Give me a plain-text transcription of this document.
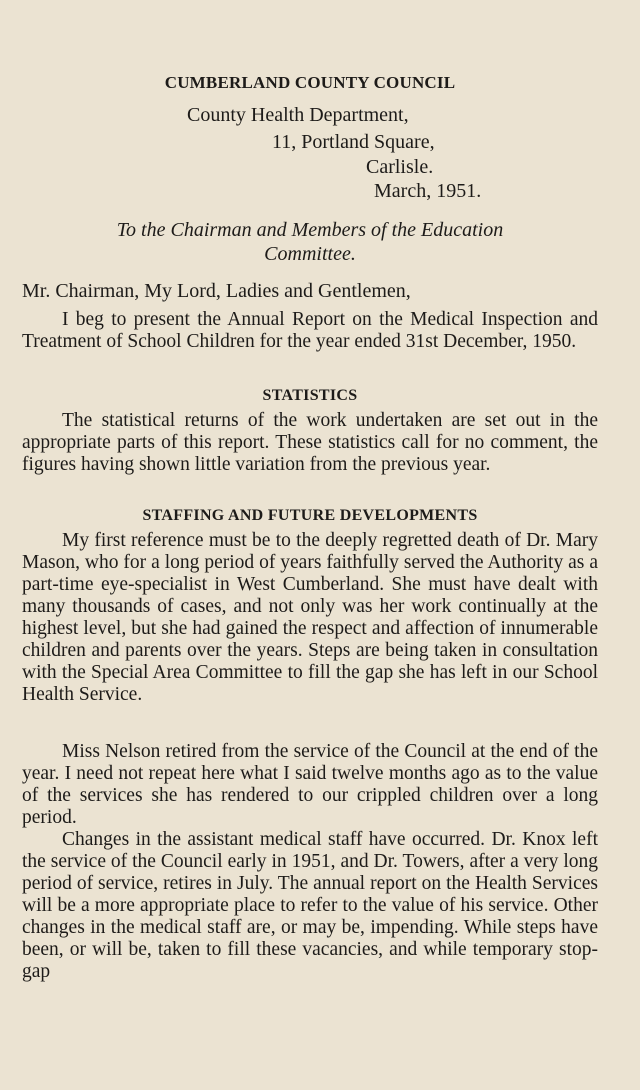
CUMBERLAND COUNTY COUNCIL
County Health Department,
11, Portland Square,
Carlisle.
March, 1951.
To the Chairman and Members of the Education
Committee.
Mr. Chairman, My Lord, Ladies and Gentlemen,

I beg to present the Annual Report on the Medical Inspection and Treatment of School Children for the year ended 31st December, 1950.

STATISTICS

The statistical returns of the work undertaken are set out in the appropriate parts of this report. These statistics call for no comment, the figures having shown little variation from the previous year.

STAFFING AND FUTURE DEVELOPMENTS

My first reference must be to the deeply regretted death of Dr. Mary Mason, who for a long period of years faithfully served the Authority as a part-time eye-specialist in West Cumberland. She must have dealt with many thousands of cases, and not only was her work continually at the highest level, but she had gained the respect and affection of innumerable children and parents over the years. Steps are being taken in consultation with the Special Area Committee to fill the gap she has left in our School Health Service.

Miss Nelson retired from the service of the Council at the end of the year. I need not repeat here what I said twelve months ago as to the value of the services she has rendered to our crippled children over a long period.

Changes in the assistant medical staff have occurred. Dr. Knox left the service of the Council early in 1951, and Dr. Towers, after a very long period of service, retires in July. The annual report on the Health Services will be a more appropriate place to refer to the value of his service. Other changes in the medical staff are, or may be, impending. While steps have been, or will be, taken to fill these vacancies, and while temporary stop-gap
